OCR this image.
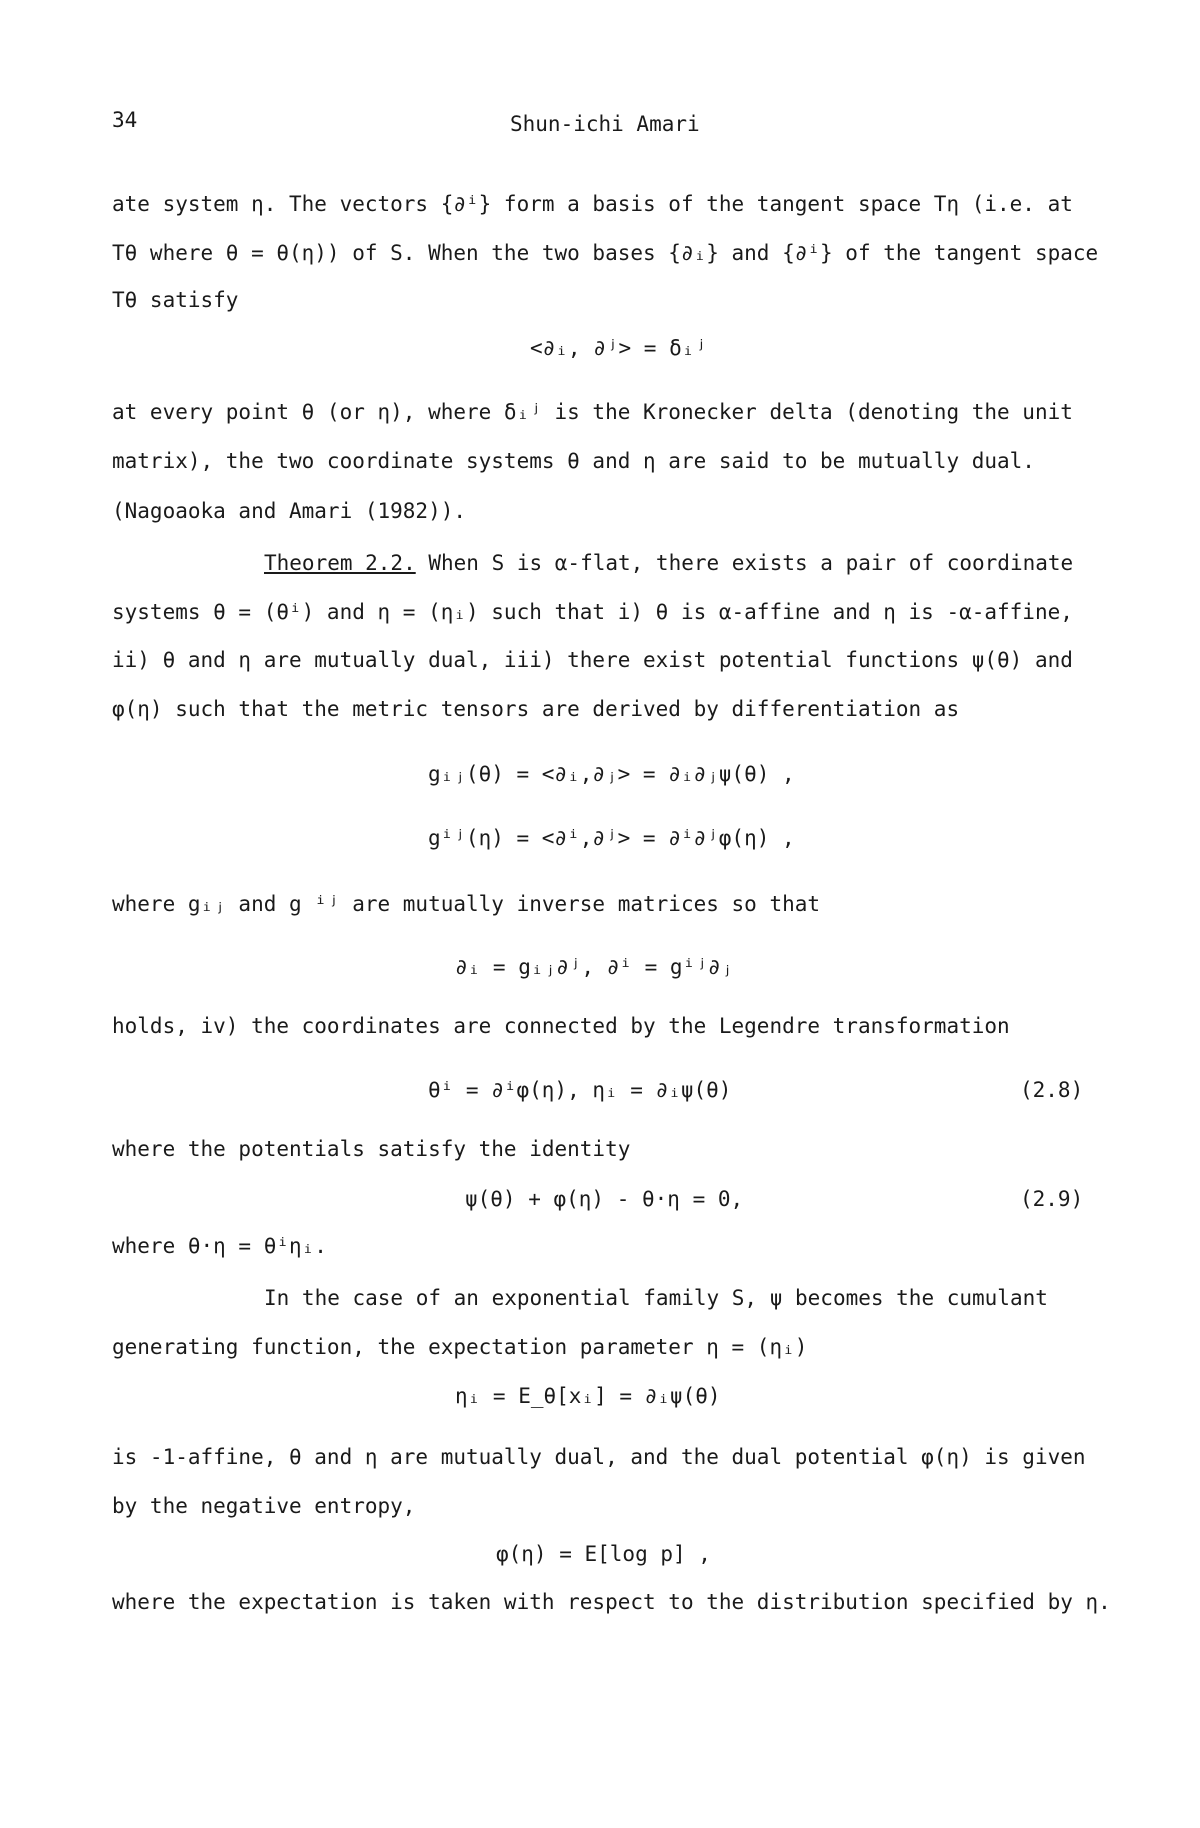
34	Shun-ichi Amari
ate system η. The vectors {∂ⁱ} form a basis of the tangent space Tη (i.e. at
Tθ where θ = θ(η)) of S. When the two bases {∂ᵢ} and {∂ⁱ} of the tangent space
Tθ satisfy
<∂ᵢ, ∂ʲ> = δᵢʲ
at every point θ (or η), where δᵢʲ is the Kronecker delta (denoting the unit
matrix), the two coordinate systems θ and η are said to be mutually dual.
(Nagoaoka and Amari (1982)).
Theorem 2.2. When S is α-flat, there exists a pair of coordinate
systems θ = (θⁱ) and η = (ηᵢ) such that i) θ is α-affine and η is -α-affine,
ii) θ and η are mutually dual, iii) there exist potential functions ψ(θ) and
φ(η) such that the metric tensors are derived by differentiation as
gᵢⱼ(θ) = <∂ᵢ,∂ⱼ> = ∂ᵢ∂ⱼψ(θ) ,
gⁱʲ(η) = <∂ⁱ,∂ʲ> = ∂ⁱ∂ʲφ(η) ,
where gᵢⱼ and g ⁱʲ are mutually inverse matrices so that
∂ᵢ = gᵢⱼ∂ʲ, ∂ⁱ = gⁱʲ∂ⱼ
holds, iv) the coordinates are connected by the Legendre transformation
θⁱ = ∂ⁱφ(η), ηᵢ = ∂ᵢψ(θ)	(2.8)
where the potentials satisfy the identity
ψ(θ) + φ(η) - θ·η = 0,	(2.9)
where θ·η = θⁱηᵢ.
In the case of an exponential family S, ψ becomes the cumulant
generating function, the expectation parameter η = (ηᵢ)
ηᵢ = E_θ[xᵢ] = ∂ᵢψ(θ)
is -1-affine, θ and η are mutually dual, and the dual potential φ(η) is given
by the negative entropy,
φ(η) = E[log p] ,
where the expectation is taken with respect to the distribution specified by η.
